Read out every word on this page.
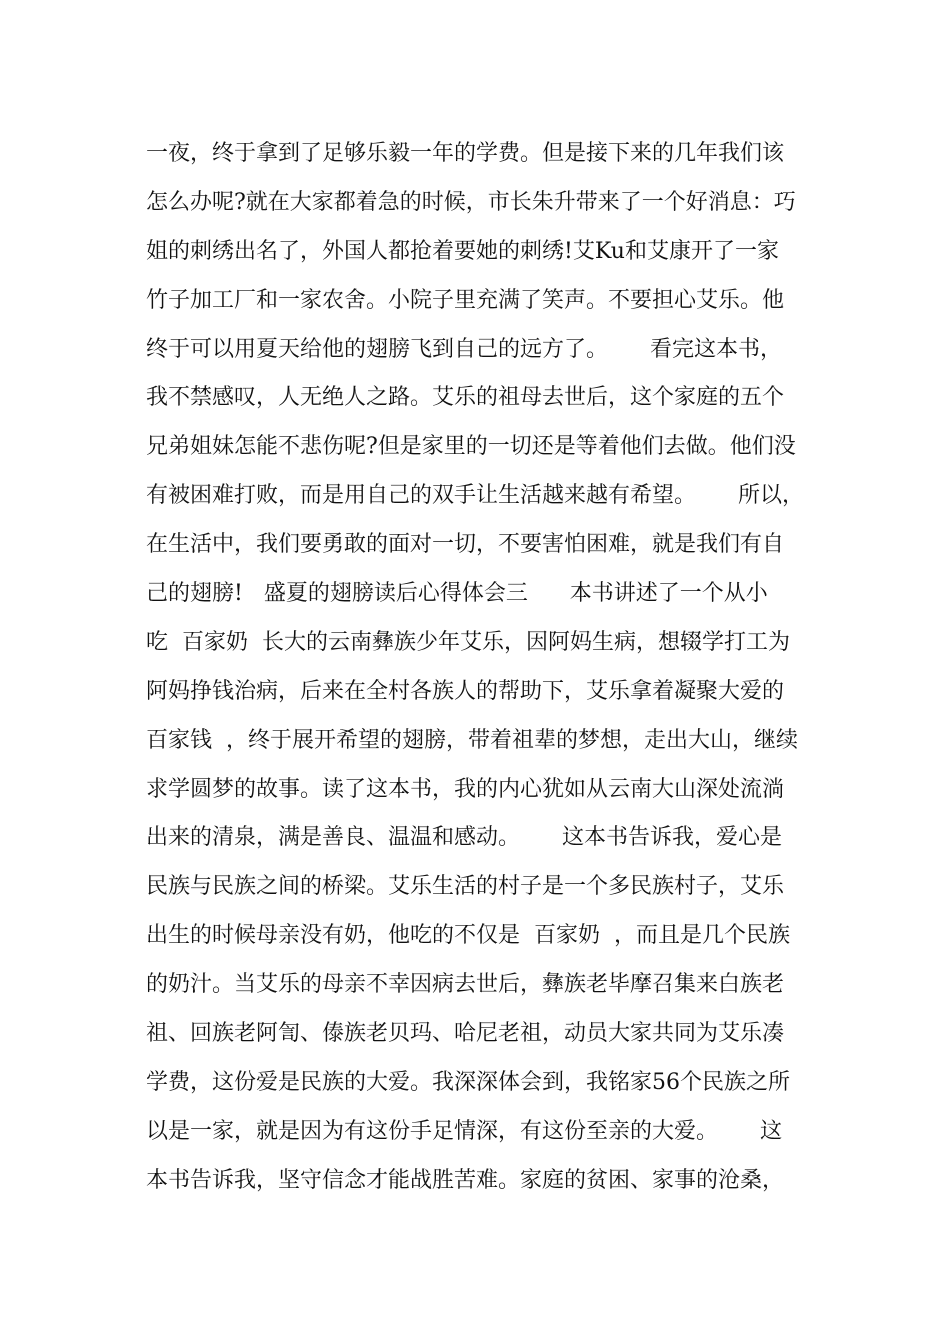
一夜，终于拿到了足够乐毅一年的学费。但是接下来的几年我们该
怎么办呢?就在大家都着急的时候，市长朱升带来了一个好消息：巧
姐的刺绣出名了，外国人都抢着要她的刺绣!艾Ku和艾康开了一家
竹子加工厂和一家农舍。小院子里充满了笑声。不要担心艾乐。他
终于可以用夏天给他的翅膀飞到自己的远方了。      看完这本书，
我不禁感叹，人无绝人之路。艾乐的祖母去世后，这个家庭的五个
兄弟姐妹怎能不悲伤呢?但是家里的一切还是等着他们去做。他们没
有被困难打败，而是用自己的双手让生活越来越有希望。      所以，
在生活中，我们要勇敢的面对一切，不要害怕困难，就是我们有自
己的翅膀!   盛夏的翅膀读后心得体会三      本书讲述了一个从小
吃  百家奶  长大的云南彝族少年艾乐，因阿妈生病，想辍学打工为
阿妈挣钱治病，后来在全村各族人的帮助下，艾乐拿着凝聚大爱的
百家钱  ，终于展开希望的翅膀，带着祖辈的梦想，走出大山，继续
求学圆梦的故事。读了这本书，我的内心犹如从云南大山深处流淌
出来的清泉，满是善良、温温和感动。      这本书告诉我，爱心是
民族与民族之间的桥梁。艾乐生活的村子是一个多民族村子，艾乐
出生的时候母亲没有奶，他吃的不仅是  百家奶  ，而且是几个民族
的奶汁。当艾乐的母亲不幸因病去世后，彝族老毕摩召集来白族老
祖、回族老阿訇、傣族老贝玛、哈尼老祖，动员大家共同为艾乐凑
学费，这份爱是民族的大爱。我深深体会到，我铭家56个民族之所
以是一家，就是因为有这份手足情深，有这份至亲的大爱。      这
本书告诉我，坚守信念才能战胜苦难。家庭的贫困、家事的沧桑，
